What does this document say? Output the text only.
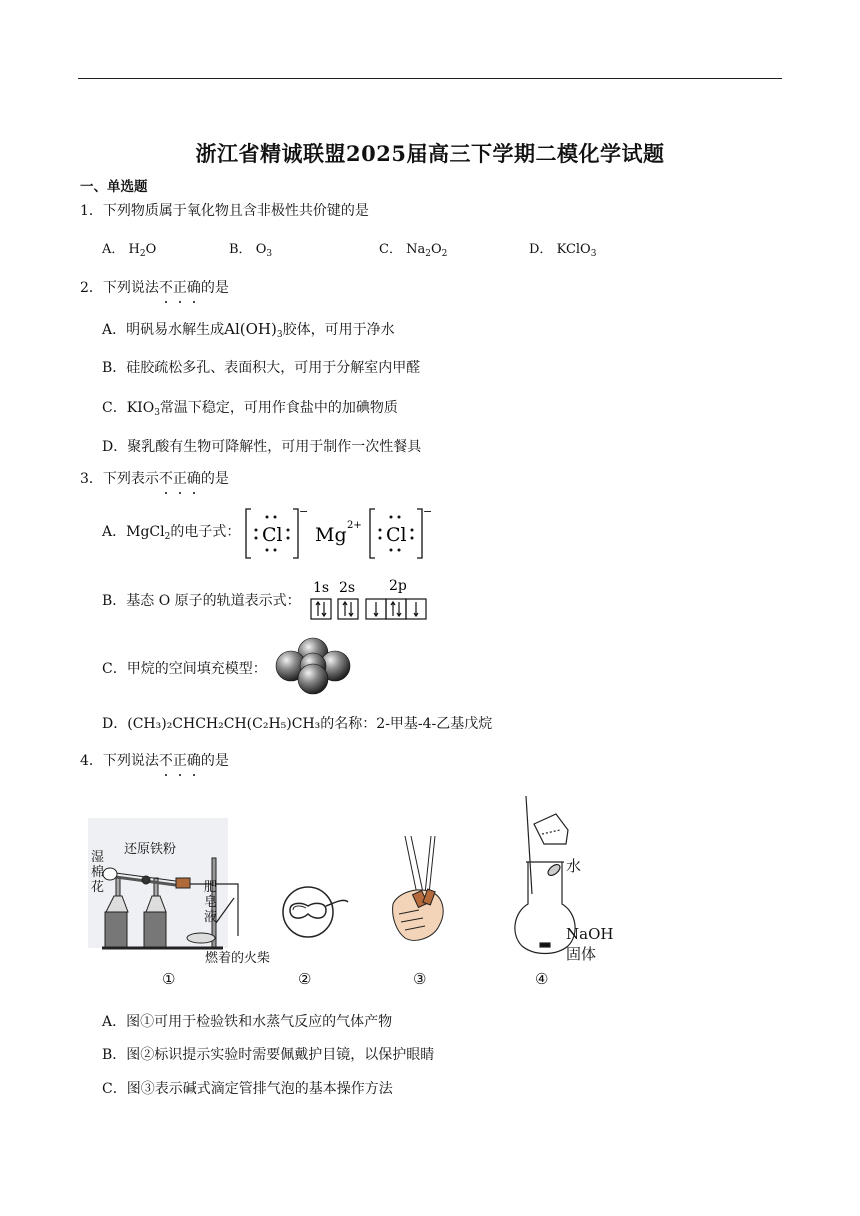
浙江省精诚联盟2025届高三下学期二模化学试题
一、单选题
1．下列物质属于氧化物且含非极性共价键的是
A． $H_2O$	B． $O_3$	C． $Na_2O_2$	D． KClO$_3$
2．下列说法不正确的是
A．明矾易水解生成$Al(OH)_3$胶体，可用于净水
B．硅胶疏松多孔、表面积大，可用于分解室内甲醛
C．$KIO_3$常温下稳定，可用作食盐中的加碘物质
D．聚乳酸有生物可降解性，可用于制作一次性餐具
3．下列表示不正确的是
A．MgCl$_2$的电子式： Cl
−
Mg 2+ Cl
−
B．基态 O 原子的轨道表示式：
1s 2s 2p
C．甲烷的空间填充模型：
D．(CH₃)₂CHCH₂CH(C₂H₅)CH₃的名称：2-甲基-4-乙基戊烷
4．下列说法不正确的是
湿
棉
花
还原铁粉
肥
皂
液
燃着的火柴
水
NaOH
固体
①	②	③	④
A．图①可用于检验铁和水蒸气反应的气体产物
B．图②标识提示实验时需要佩戴护目镜，以保护眼睛
C．图③表示碱式滴定管排气泡的基本操作方法
